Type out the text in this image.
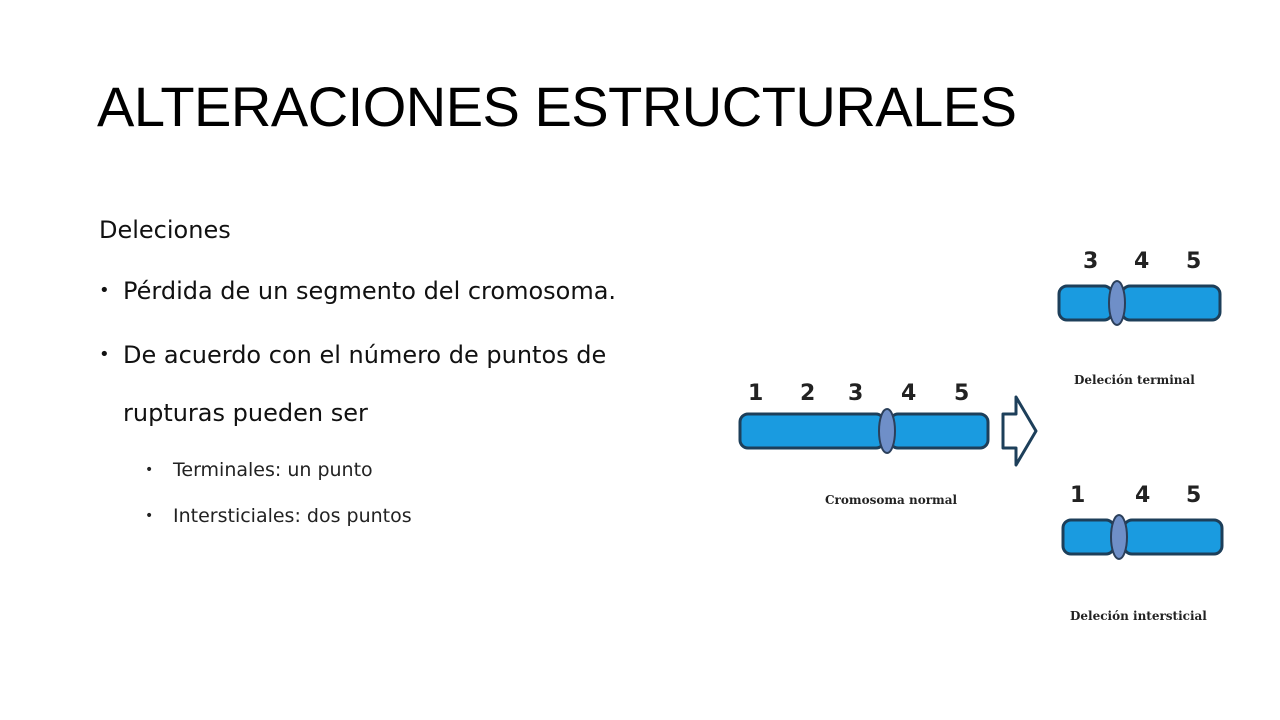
ALTERACIONES ESTRUCTURALES
Deleciones
• Pérdida de un segmento del cromosoma.
• De acuerdo con el número de puntos de rupturas pueden ser
• Terminales: un punto
• Intersticiales: dos puntos
1 2 3 4 5
Cromosoma normal
3 4 5
Deleción terminal
1 4 5
Deleción intersticial
